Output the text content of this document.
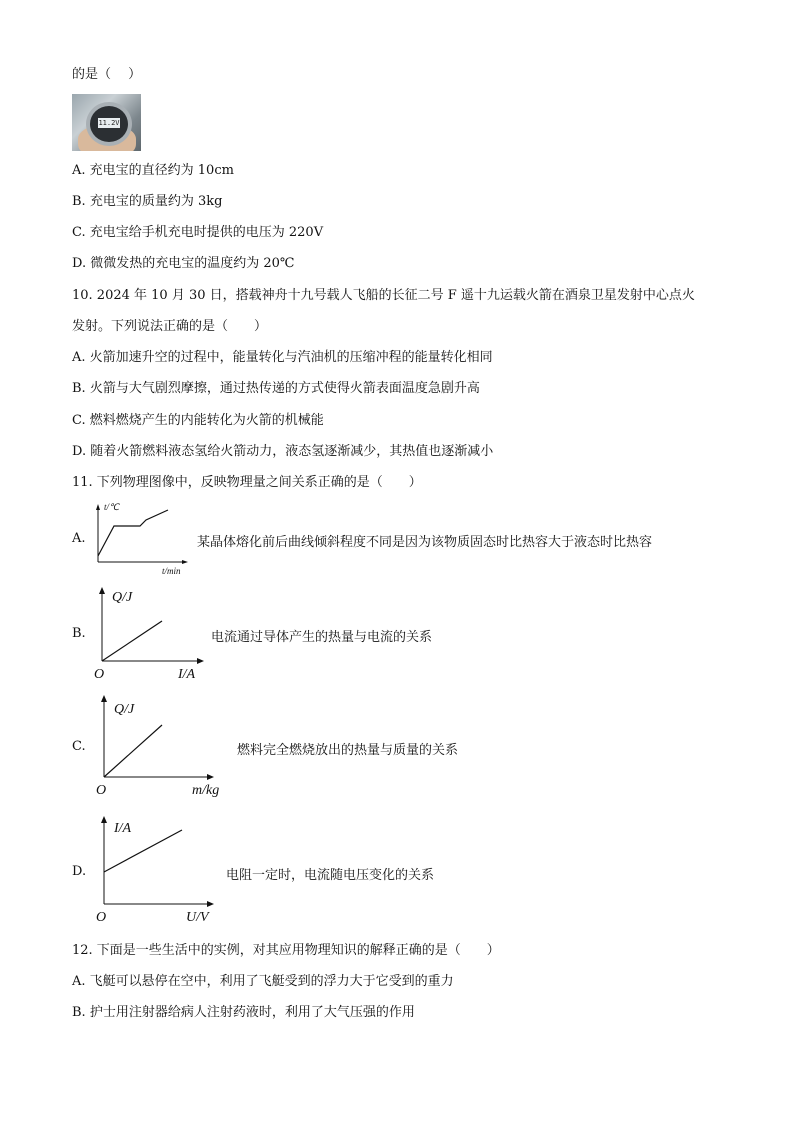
的是（　 ）
11.2V
A. 充电宝的直径约为 10cm
B. 充电宝的质量约为 3kg
C. 充电宝给手机充电时提供的电压为 220V
D. 微微发热的充电宝的温度约为 20℃
10. 2024 年 10 月 30 日，搭载神舟十九号载人飞船的长征二号 F 遥十九运载火箭在酒泉卫星发射中心点火
发射。下列说法正确的是（　　）
A. 火箭加速升空的过程中，能量转化与汽油机的压缩冲程的能量转化相同
B. 火箭与大气剧烈摩擦，通过热传递的方式使得火箭表面温度急剧升高
C. 燃料燃烧产生的内能转化为火箭的机械能
D. 随着火箭燃料液态氢给火箭动力，液态氢逐渐减少，其热值也逐渐减小
11. 下列物理图像中，反映物理量之间关系正确的是（　　）
A.
t/℃
t/min
某晶体熔化前后曲线倾斜程度不同是因为该物质固态时比热容大于液态时比热容
B.
Q/J
O	I/A
电流通过导体产生的热量与电流的关系
C.
Q/J
O	m/kg
燃料完全燃烧放出的热量与质量的关系
D.
I/A
O	U/V
电阻一定时，电流随电压变化的关系
12. 下面是一些生活中的实例，对其应用物理知识的解释正确的是（　　）
A. 飞艇可以悬停在空中，利用了飞艇受到的浮力大于它受到的重力
B. 护士用注射器给病人注射药液时，利用了大气压强的作用
